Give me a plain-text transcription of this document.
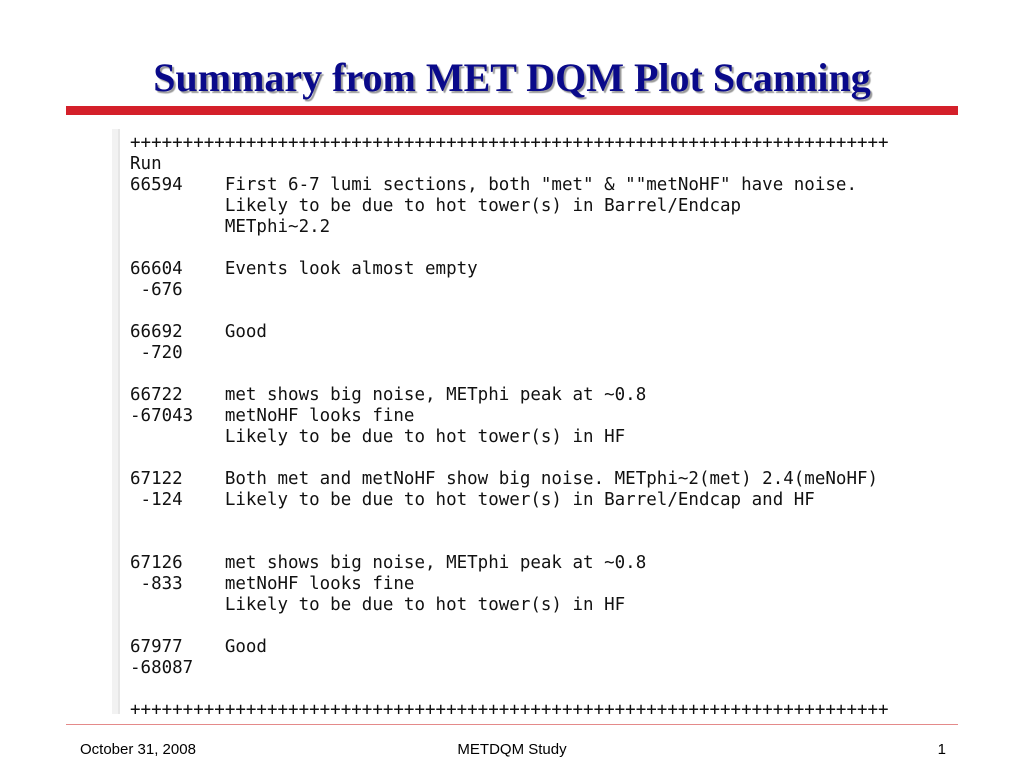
Summary from MET DQM Plot Scanning
++++++++++++++++++++++++++++++++++++++++++++++++++++++++++++++++++++++++
Run
66594    First 6-7 lumi sections, both "met" & ""metNoHF" have noise.
Likely to be due to hot tower(s) in Barrel/Endcap
METphi~2.2
66604    Events look almost empty
-676
66692    Good
-720
66722    met shows big noise, METphi peak at ~0.8
-67043   metNoHF looks fine
Likely to be due to hot tower(s) in HF
67122    Both met and metNoHF show big noise. METphi~2(met) 2.4(meNoHF)
-124    Likely to be due to hot tower(s) in Barrel/Endcap and HF
67126    met shows big noise, METphi peak at ~0.8
-833    metNoHF looks fine
Likely to be due to hot tower(s) in HF
67977    Good
-68087
++++++++++++++++++++++++++++++++++++++++++++++++++++++++++++++++++++++++
October 31, 2008	METDQM Study	1
